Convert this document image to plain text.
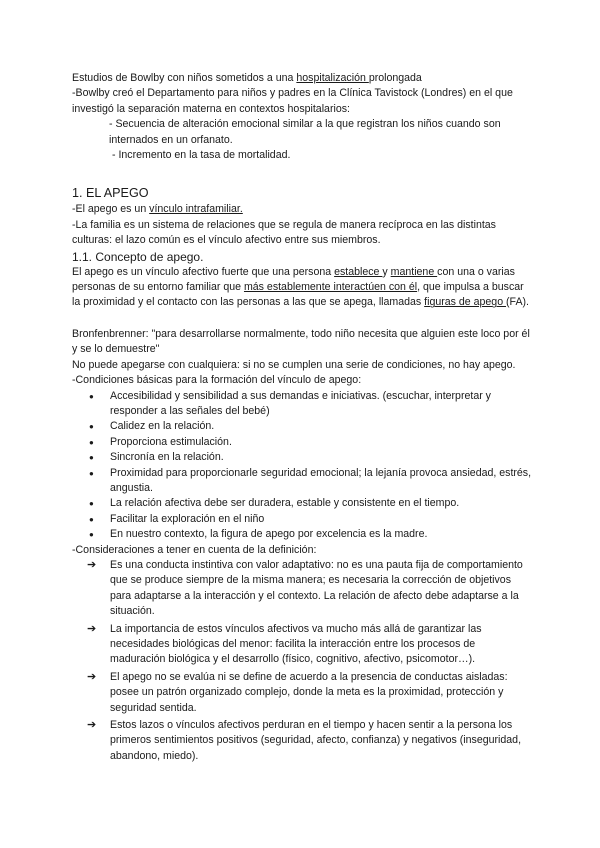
Estudios de Bowlby con niños sometidos a una hospitalización prolongada

-Bowlby creó el Departamento para niños y padres en la Clínica Tavistock (Londres) en el que investigó la separación materna en contextos hospitalarios:

- Secuencia de alteración emocional similar a la que registran los niños cuando son internados en un orfanato.

- Incremento en la tasa de mortalidad.

1. EL APEGO

-El apego es un vínculo intrafamiliar.

-La familia es un sistema de relaciones que se regula de manera recíproca en las distintas culturas: el lazo común es el vínculo afectivo entre sus miembros.

1.1. Concepto de apego.

El apego es un vínculo afectivo fuerte que una persona establece y mantiene con una o varias personas de su entorno familiar que más establemente interactúen con él, que impulsa a buscar la proximidad y el contacto con las personas a las que se apega, llamadas figuras de apego (FA).

Bronfenbrenner: "para desarrollarse normalmente, todo niño necesita que alguien este loco por él y se lo demuestre"

No puede apegarse con cualquiera: si no se cumplen una serie de condiciones, no hay apego.

-Condiciones básicas para la formación del vínculo de apego:

● Accesibilidad y sensibilidad a sus demandas e iniciativas. (escuchar, interpretar y responder a las señales del bebé)
● Calidez en la relación.
● Proporciona estimulación.
● Sincronía en la relación.
● Proximidad para proporcionarle seguridad emocional; la lejanía provoca ansiedad, estrés, angustia.
● La relación afectiva debe ser duradera, estable y consistente en el tiempo.
● Facilitar la exploración en el niño
● En nuestro contexto, la figura de apego por excelencia es la madre.

-Consideraciones a tener en cuenta de la definición:

➔ Es una conducta instintiva con valor adaptativo: no es una pauta fija de comportamiento que se produce siempre de la misma manera; es necesaria la corrección de objetivos para adaptarse a la interacción y el contexto. La relación de afecto debe adaptarse a la situación.
➔ La importancia de estos vínculos afectivos va mucho más allá de garantizar las necesidades biológicas del menor: facilita la interacción entre los procesos de maduración biológica y el desarrollo (físico, cognitivo, afectivo, psicomotor…).
➔ El apego no se evalúa ni se define de acuerdo a la presencia de conductas aisladas: posee un patrón organizado complejo, donde la meta es la proximidad, protección y seguridad sentida.
➔ Estos lazos o vínculos afectivos perduran en el tiempo y hacen sentir a la persona los primeros sentimientos positivos (seguridad, afecto, confianza) y negativos (inseguridad, abandono, miedo).
